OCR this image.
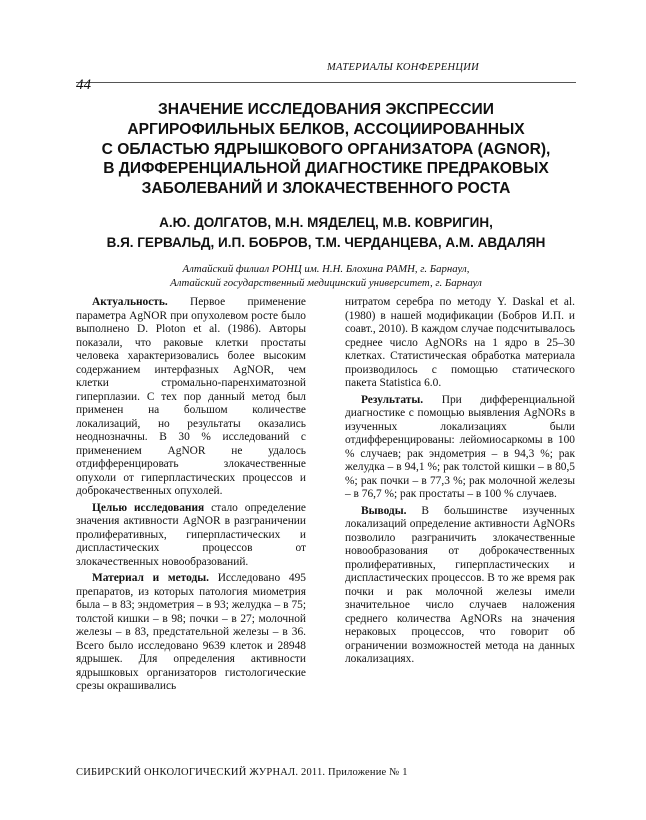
МАТЕРИАЛЫ КОНФЕРЕНЦИИ
44
ЗНАЧЕНИЕ ИССЛЕДОВАНИЯ ЭКСПРЕССИИ
АРГИРОФИЛЬНЫХ БЕЛКОВ, АССОЦИИРОВАННЫХ
С ОБЛАСТЬЮ ЯДРЫШКОВОГО ОРГАНИЗАТОРА (AGNOR),
В ДИФФЕРЕНЦИАЛЬНОЙ ДИАГНОСТИКЕ ПРЕДРАКОВЫХ
ЗАБОЛЕВАНИЙ И ЗЛОКАЧЕСТВЕННОГО РОСТА
А.Ю. ДОЛГАТОВ, М.Н. МЯДЕЛЕЦ, М.В. КОВРИГИН,
В.Я. ГЕРВАЛЬД, И.П. БОБРОВ, Т.М. ЧЕРДАНЦЕВА, А.М. АВДАЛЯН
Алтайский филиал РОНЦ им. Н.Н. Блохина РАМН, г. Барнаул,
Алтайский государственный медицинский университет, г. Барнаул

Актуальность. Первое применение параметра AgNOR при опухолевом росте было выполнено D. Ploton et al. (1986). Авторы показали, что раковые клетки простаты человека характеризовались более высоким содержанием интерфазных AgNOR, чем клетки стромально-паренхиматозной гиперплазии. С тех пор данный метод был применен на большом количестве локализаций, но результаты оказались неоднозначны. В 30 % исследований с применением AgNOR не удалось отдифференцировать злокачественные опухоли от гиперпластических процессов и доброкачественных опухолей.

Целью исследования стало определение значения активности AgNOR в разграничении пролиферативных, гиперпластических и диспластических процессов от злокачественных новообразований.

Материал и методы. Исследовано 495 препаратов, из которых патология миометрия была – в 83; эндометрия – в 93; желудка – в 75; толстой кишки – в 98; почки – в 27; молочной железы – в 83, предстательной железы – в 36. Всего было исследовано 9639 клеток и 28948 ядрышек. Для определения активности ядрышковых организаторов гистологические срезы окрашивались

нитратом серебра по методу Y. Daskal et al. (1980) в нашей модификации (Бобров И.П. и соавт., 2010). В каждом случае подсчитывалось среднее число AgNORs на 1 ядро в 25–30 клетках. Статистическая обработка материала производилось с помощью статического пакета Statistica 6.0.

Результаты. При дифференциальной диагностике с помощью выявления AgNORs в изученных локализациях были отдифференцированы: лейомиосаркомы в 100 % случаев; рак эндометрия – в 94,3 %; рак желудка – в 94,1 %; рак толстой кишки – в 80,5 %; рак почки – в 77,3 %; рак молочной железы – в 76,7 %; рак простаты – в 100 % случаев.

Выводы. В большинстве изученных локализаций определение активности AgNORs позволило разграничить злокачественные новообразования от доброкачественных пролиферативных, гиперпластических и диспластических процессов. В то же время рак почки и рак молочной железы имели значительное число случаев наложения среднего количества AgNORs на значения нераковых процессов, что говорит об ограничении возможностей метода на данных локализациях.

СИБИРСКИЙ ОНКОЛОГИЧЕСКИЙ ЖУРНАЛ. 2011. Приложение № 1
